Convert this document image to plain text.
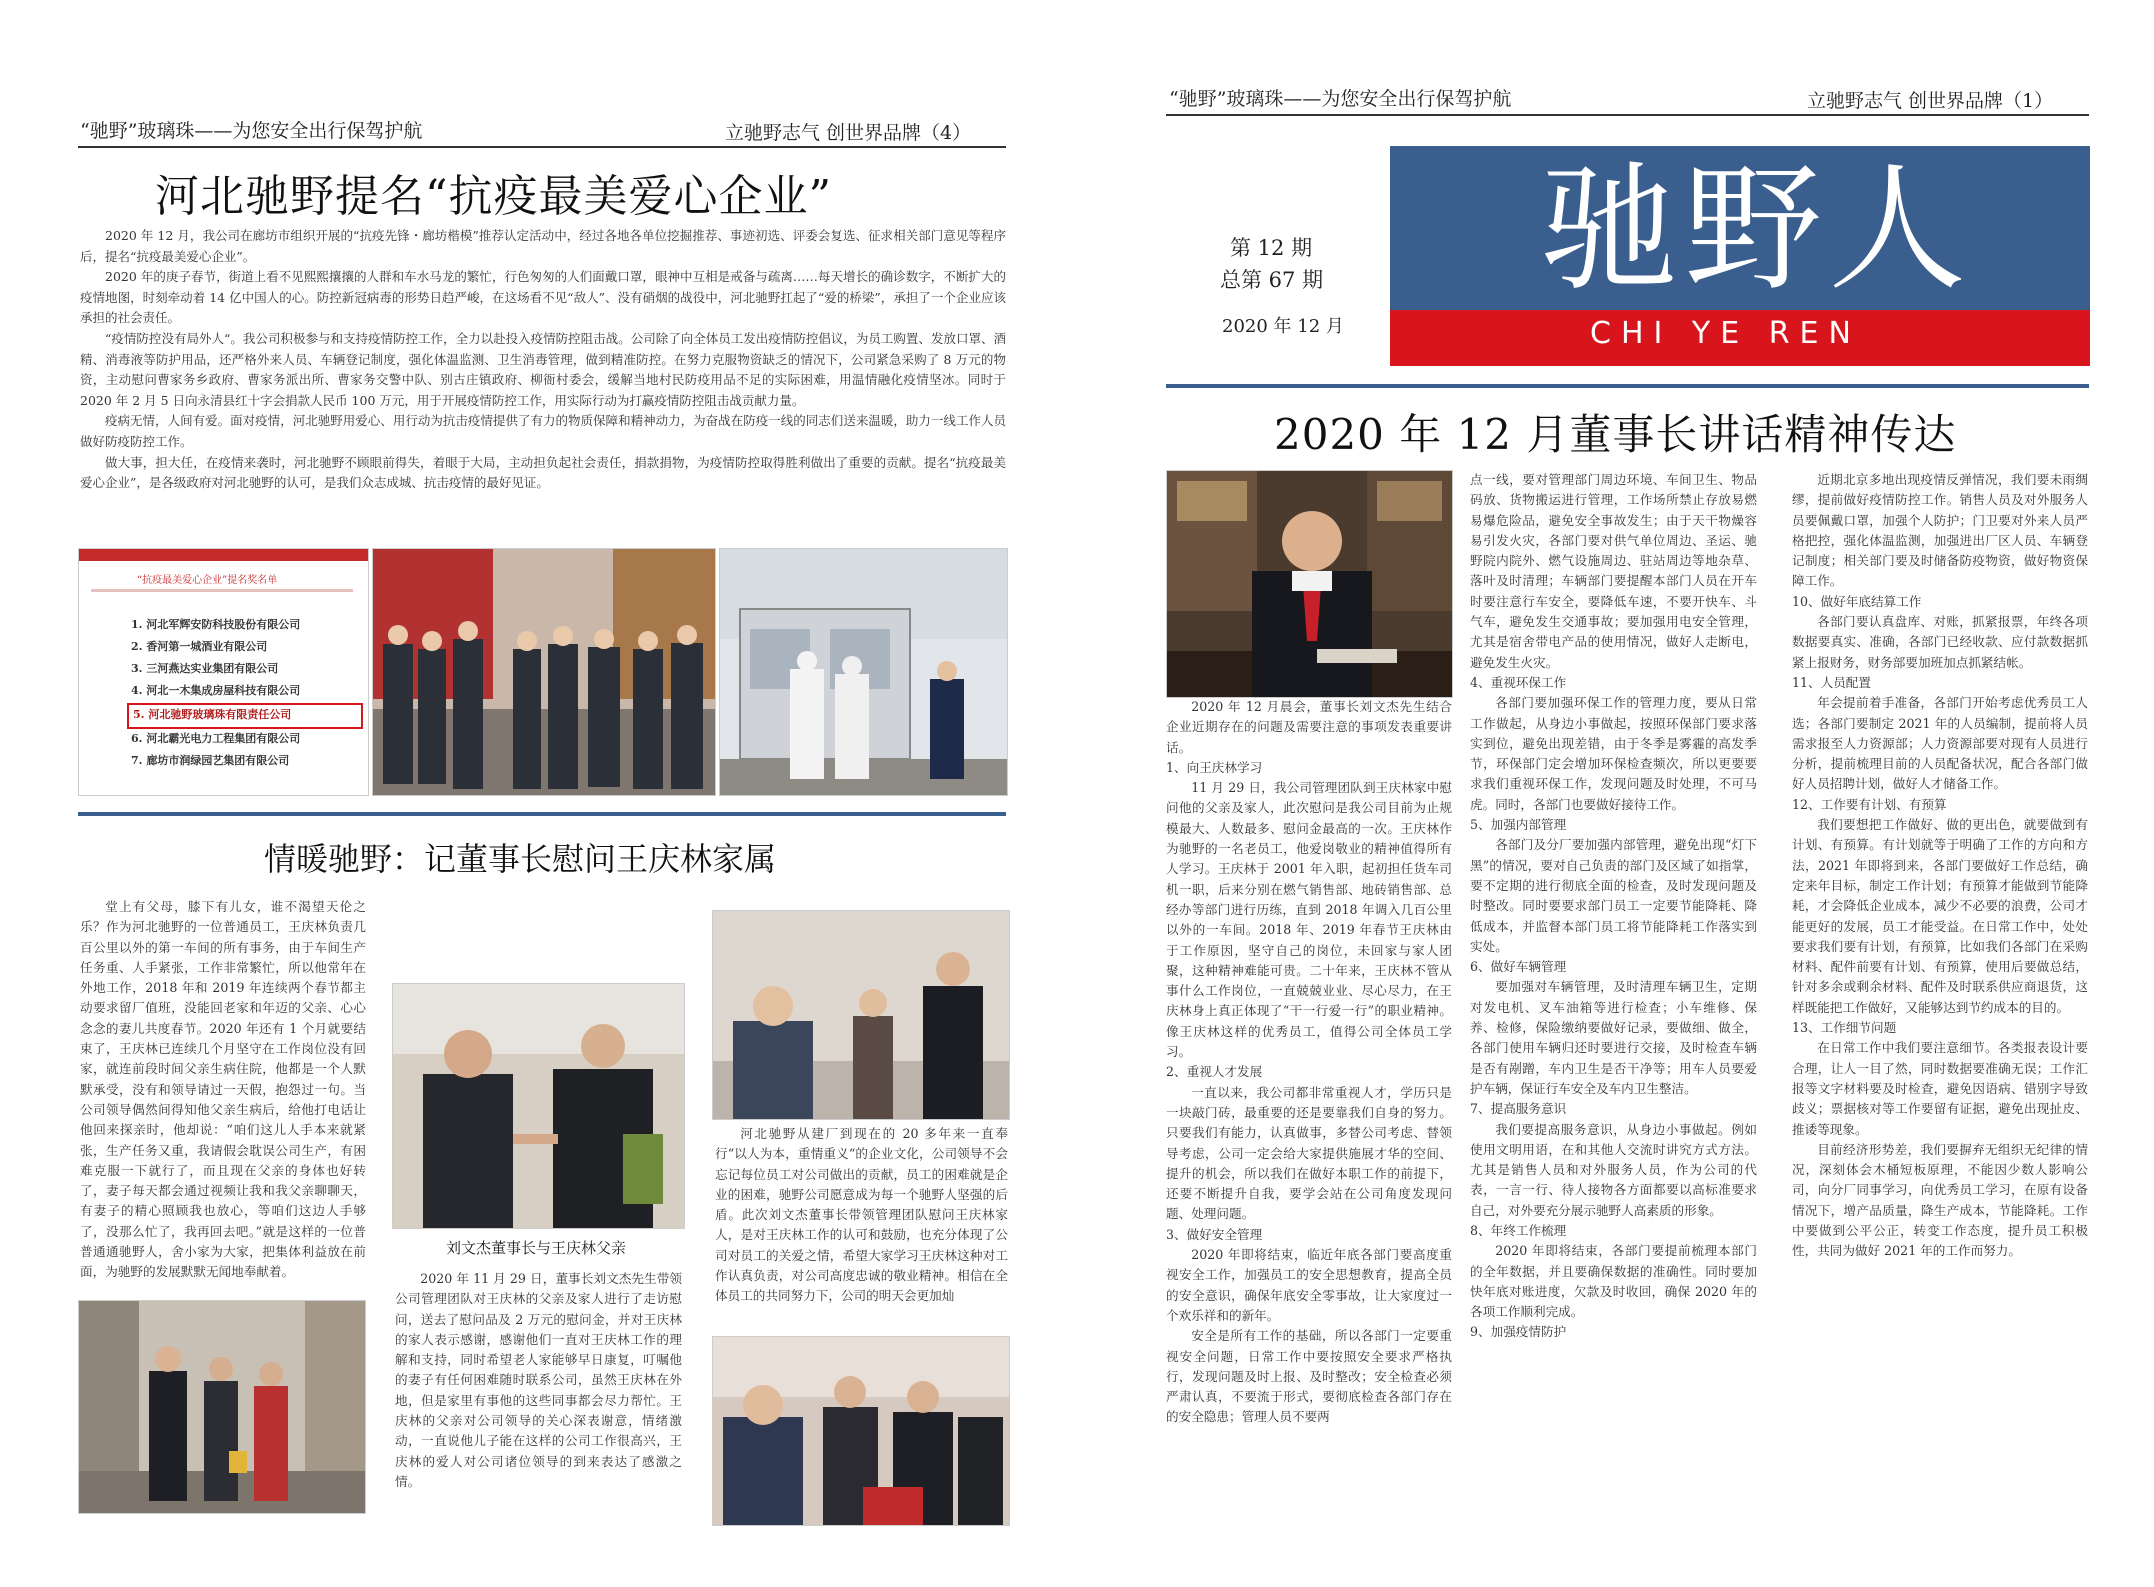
“驰野”玻璃珠——为您安全出行保驾护航	立驰野志气 创世界品牌（4）
河北驰野提名“抗疫最美爱心企业”

2020 年 12 月，我公司在廊坊市组织开展的“抗疫先锋・廊坊楷模”推荐认定活动中，经过各地各单位挖掘推荐、事迹初选、评委会复选、征求相关部门意见等程序后，提名“抗疫最美爱心企业”。

2020 年的庚子春节，街道上看不见熙熙攘攘的人群和车水马龙的繁忙，行色匆匆的人们面戴口罩，眼神中互相是戒备与疏离……每天增长的确诊数字，不断扩大的疫情地图，时刻牵动着 14 亿中国人的心。防控新冠病毒的形势日趋严峻，在这场看不见“敌人”、没有硝烟的战役中，河北驰野扛起了“爱的桥梁”，承担了一个企业应该承担的社会责任。

“疫情防控没有局外人“。我公司积极参与和支持疫情防控工作，全力以赴投入疫情防控阻击战。公司除了向全体员工发出疫情防控倡议，为员工购置、发放口罩、酒精、消毒液等防护用品，还严格外来人员、车辆登记制度，强化体温监测、卫生消毒管理，做到精准防控。在努力克服物资缺乏的情况下，公司紧急采购了 8 万元的物资，主动慰问曹家务乡政府、曹家务派出所、曹家务交警中队、别古庄镇政府、柳衙村委会，缓解当地村民防疫用品不足的实际困难，用温情融化疫情坚冰。同时于 2020 年 2 月 5 日向永清县红十字会捐款人民币 100 万元，用于开展疫情防控工作，用实际行动为打赢疫情防控阻击战贡献力量。

疫病无情，人间有爱。面对疫情，河北驰野用爱心、用行动为抗击疫情提供了有力的物质保障和精神动力，为奋战在防疫一线的同志们送来温暖，助力一线工作人员做好防疫防控工作。

做大事，担大任，在疫情来袭时，河北驰野不顾眼前得失，着眼于大局，主动担负起社会责任，捐款捐物，为疫情防控取得胜利做出了重要的贡献。提名“抗疫最美爱心企业”，是各级政府对河北驰野的认可，是我们众志成城、抗击疫情的最好见证。

“抗疫最美爱心企业”提名奖名单
1. 河北军辉安防科技股份有限公司
2. 香河第一城酒业有限公司
3. 三河燕达实业集团有限公司
4. 河北一木集成房屋科技有限公司
5. 河北驰野玻璃珠有限责任公司
6. 河北霸光电力工程集团有限公司
7. 廊坊市润绿园艺集团有限公司
情暖驰野：记董事长慰问王庆林家属

堂上有父母，膝下有儿女，谁不渴望天伦之乐？作为河北驰野的一位普通员工，王庆林负责几百公里以外的第一车间的所有事务，由于车间生产任务重、人手紧张，工作非常繁忙，所以他常年在外地工作，2018 年和 2019 年连续两个春节都主动要求留厂值班，没能回老家和年迈的父亲、心心念念的妻儿共度春节。2020 年还有 1 个月就要结束了，王庆林已连续几个月坚守在工作岗位没有回家，就连前段时间父亲生病住院，他都是一个人默默承受，没有和领导请过一天假，抱怨过一句。当公司领导偶然间得知他父亲生病后，给他打电话让他回来探亲时，他却说：“咱们这儿人手本来就紧张，生产任务又重，我请假会耽误公司生产，有困难克服一下就行了，而且现在父亲的身体也好转了，妻子每天都会通过视频让我和我父亲聊聊天，有妻子的精心照顾我也放心，等咱们这边人手够了，没那么忙了，我再回去吧。”就是这样的一位普普通通驰野人，舍小家为大家，把集体利益放在前面，为驰野的发展默默无闻地奉献着。	2020 年 11 月 29 日，董事长刘文杰先生带领公司管理团队对王庆林的父亲及家人进行了走访慰问，送去了慰问品及 2 万元的慰问金，并对王庆林的家人表示感谢，感谢他们一直对王庆林工作的理解和支持，同时希望老人家能够早日康复，叮嘱他的妻子有任何困难随时联系公司，虽然王庆林在外地，但是家里有事他的这些同事都会尽力帮忙。王庆林的父亲对公司领导的关心深表谢意，情绪激动，一直说他儿子能在这样的公司工作很高兴，王庆林的爱人对公司诸位领导的到来表达了感激之情。

河北驰野从建厂到现在的 20 多年来一直奉行“以人为本，重情重义“的企业文化，公司领导不会忘记每位员工对公司做出的贡献，员工的困难就是企业的困难，驰野公司愿意成为每一个驰野人坚强的后盾。此次刘文杰董事长带领管理团队慰问王庆林家人，是对王庆林工作的认可和鼓励，也充分体现了公司对员工的关爱之情，希望大家学习王庆林这种对工作认真负责，对公司高度忠诚的敬业精神。相信在全体员工的共同努力下，公司的明天会更加灿

刘文杰董事长与王庆林父亲
“驰野”玻璃珠——为您安全出行保驾护航	立驰野志气 创世界品牌（1）
驰野人
CHI YE REN
第 12 期
总第 67 期
2020 年 12 月
2020 年 12 月董事长讲话精神传达

2020 年 12 月晨会，董事长刘文杰先生结合企业近期存在的问题及需要注意的事项发表重要讲话。

1、向王庆林学习

11 月 29 日，我公司管理团队到王庆林家中慰问他的父亲及家人，此次慰问是我公司目前为止规模最大、人数最多、慰问金最高的一次。王庆林作为驰野的一名老员工，他爱岗敬业的精神值得所有人学习。王庆林于 2001 年入职，起初担任货车司机一职，后来分别在燃气销售部、地砖销售部、总经办等部门进行历练，直到 2018 年调入几百公里以外的一车间。2018 年、2019 年春节王庆林由于工作原因，坚守自己的岗位，未回家与家人团聚，这种精神难能可贵。二十年来，王庆林不管从事什么工作岗位，一直兢兢业业、尽心尽力，在王庆林身上真正体现了“干一行爱一行”的职业精神。像王庆林这样的优秀员工，值得公司全体员工学习。

2、重视人才发展

一直以来，我公司都非常重视人才，学历只是一块敲门砖，最重要的还是要靠我们自身的努力。只要我们有能力，认真做事，多替公司考虑、替领导考虑，公司一定会给大家提供施展才华的空间、提升的机会，所以我们在做好本职工作的前提下，还要不断提升自我，要学会站在公司角度发现问题、处理问题。

3、做好安全管理

2020 年即将结束，临近年底各部门要高度重视安全工作，加强员工的安全思想教育，提高全员的安全意识，确保年底安全零事故，让大家度过一个欢乐祥和的新年。

安全是所有工作的基础，所以各部门一定要重视安全问题，日常工作中要按照安全要求严格执行，发现问题及时上报、及时整改；安全检查必须严肃认真，不要流于形式，要彻底检查各部门存在的安全隐患；管理人员不要两

点一线，要对管理部门周边环境、车间卫生、物品码放、货物搬运进行管理，工作场所禁止存放易燃易爆危险品，避免安全事故发生；由于天干物燥容易引发火灾，各部门要对供气单位周边、圣运、驰野院内院外、燃气设施周边、驻站周边等地杂草、落叶及时清理；车辆部门要提醒本部门人员在开车时要注意行车安全，要降低车速，不要开快车、斗气车，避免发生交通事故；要加强用电安全管理，尤其是宿舍带电产品的使用情况，做好人走断电，避免发生火灾。

4、重视环保工作

各部门要加强环保工作的管理力度，要从日常工作做起，从身边小事做起，按照环保部门要求落实到位，避免出现差错，由于冬季是雾霾的高发季节，环保部门定会增加环保检查频次，所以更要要求我们重视环保工作，发现问题及时处理，不可马虎。同时，各部门也要做好接待工作。

5、加强内部管理

各部门及分厂要加强内部管理，避免出现“灯下黑”的情况，要对自己负责的部门及区域了如指掌，要不定期的进行彻底全面的检查，及时发现问题及时整改。同时要要求部门员工一定要节能降耗、降低成本，并监督本部门员工将节能降耗工作落实到实处。

6、做好车辆管理

要加强对车辆管理，及时清理车辆卫生，定期对发电机、叉车油箱等进行检查；小车维修、保养、检修，保险缴纳要做好记录，要做细、做全，各部门使用车辆归还时要进行交接，及时检查车辆是否有剐蹭，车内卫生是否干净等；用车人员要爱护车辆，保证行车安全及车内卫生整洁。

7、提高服务意识

我们要提高服务意识，从身边小事做起。例如使用文明用语，在和其他人交流时讲究方式方法。尤其是销售人员和对外服务人员，作为公司的代表，一言一行、待人接物各方面都要以高标准要求自己，对外要充分展示驰野人高素质的形象。

8、年终工作梳理

2020 年即将结束，各部门要提前梳理本部门的全年数据，并且要确保数据的准确性。同时要加快年底对账进度，欠款及时收回，确保 2020 年的各项工作顺利完成。

9、加强疫情防护

近期北京多地出现疫情反弹情况，我们要未雨绸缪，提前做好疫情防控工作。销售人员及对外服务人员要佩戴口罩，加强个人防护；门卫要对外来人员严格把控，强化体温监测，加强进出厂区人员、车辆登记制度；相关部门要及时储备防疫物资，做好物资保障工作。

10、做好年底结算工作

各部门要认真盘库、对账，抓紧报票，年终各项数据要真实、准确，各部门已经收款、应付款数据抓紧上报财务，财务部要加班加点抓紧结帐。

11、人员配置

年会提前着手准备，各部门开始考虑优秀员工人选；各部门要制定 2021 年的人员编制，提前将人员需求报至人力资源部；人力资源部要对现有人员进行分析，提前梳理目前的人员配备状况，配合各部门做好人员招聘计划，做好人才储备工作。

12、工作要有计划、有预算

我们要想把工作做好、做的更出色，就要做到有计划、有预算。有计划就等于明确了工作的方向和方法，2021 年即将到来，各部门要做好工作总结，确定来年目标，制定工作计划；有预算才能做到节能降耗，才会降低企业成本，减少不必要的浪费，公司才能更好的发展，员工才能受益。在日常工作中，处处要求我们要有计划，有预算，比如我们各部门在采购材料、配件前要有计划、有预算，使用后要做总结，针对多余或剩余材料、配件及时联系供应商退货，这样既能把工作做好，又能够达到节约成本的目的。

13、工作细节问题

在日常工作中我们要注意细节。各类报表设计要合理，让人一目了然，同时数据要准确无误；工作汇报等文字材料要及时检查，避免因语病、错别字导致歧义；票据核对等工作要留有证据，避免出现扯皮、推诿等现象。

目前经济形势差，我们要摒弃无组织无纪律的情况，深刻体会木桶短板原理，不能因少数人影响公司，向分厂同事学习，向优秀员工学习，在原有设备情况下，增产品质量，降生产成本，节能降耗。工作中要做到公平公正，转变工作态度，提升员工积极性，共同为做好 2021 年的工作而努力。
